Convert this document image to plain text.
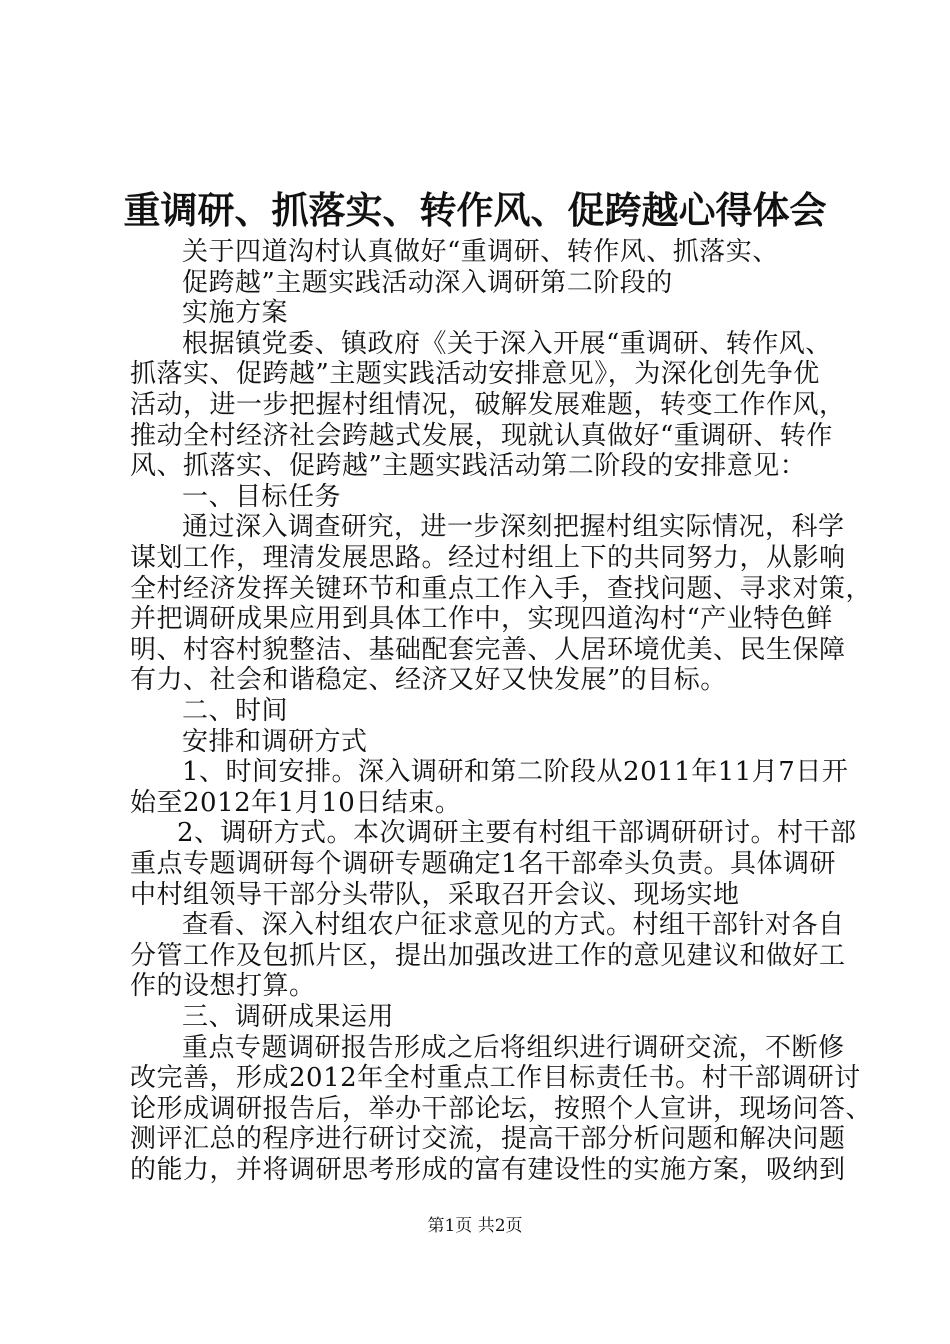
重调研、抓落实、转作风、促跨越心得体会
关于四道沟村认真做好“重调研、转作风、抓落实、
促跨越”主题实践活动深入调研第二阶段的
实施方案
根据镇党委、镇政府《关于深入开展“重调研、转作风、
抓落实、促跨越”主题实践活动安排意见》，为深化创先争优
活动，进一步把握村组情况，破解发展难题，转变工作作风，
推动全村经济社会跨越式发展，现就认真做好“重调研、转作
风、抓落实、促跨越”主题实践活动第二阶段的安排意见：
一、目标任务
通过深入调查研究，进一步深刻把握村组实际情况，科学
谋划工作，理清发展思路。经过村组上下的共同努力，从影响
全村经济发挥关键环节和重点工作入手，查找问题、寻求对策，
并把调研成果应用到具体工作中，实现四道沟村“产业特色鲜
明、村容村貌整洁、基础配套完善、人居环境优美、民生保障
有力、社会和谐稳定、经济又好又快发展”的目标。
二、时间
安排和调研方式
1、时间安排。深入调研和第二阶段从2011年11月7日开
始至2012年1月10日结束。
2、调研方式。本次调研主要有村组干部调研研讨。村干部
重点专题调研每个调研专题确定1名干部牵头负责。具体调研
中村组领导干部分头带队，采取召开会议、现场实地
查看、深入村组农户征求意见的方式。村组干部针对各自
分管工作及包抓片区，提出加强改进工作的意见建议和做好工
作的设想打算。
三、调研成果运用
重点专题调研报告形成之后将组织进行调研交流，不断修
改完善，形成2012年全村重点工作目标责任书。村干部调研讨
第1页 共2页
论形成调研报告后，举办干部论坛，按照个人宣讲，现场问答、
测评汇总的程序进行研讨交流，提高干部分析问题和解决问题
的能力，并将调研思考形成的富有建设性的实施方案，吸纳到
